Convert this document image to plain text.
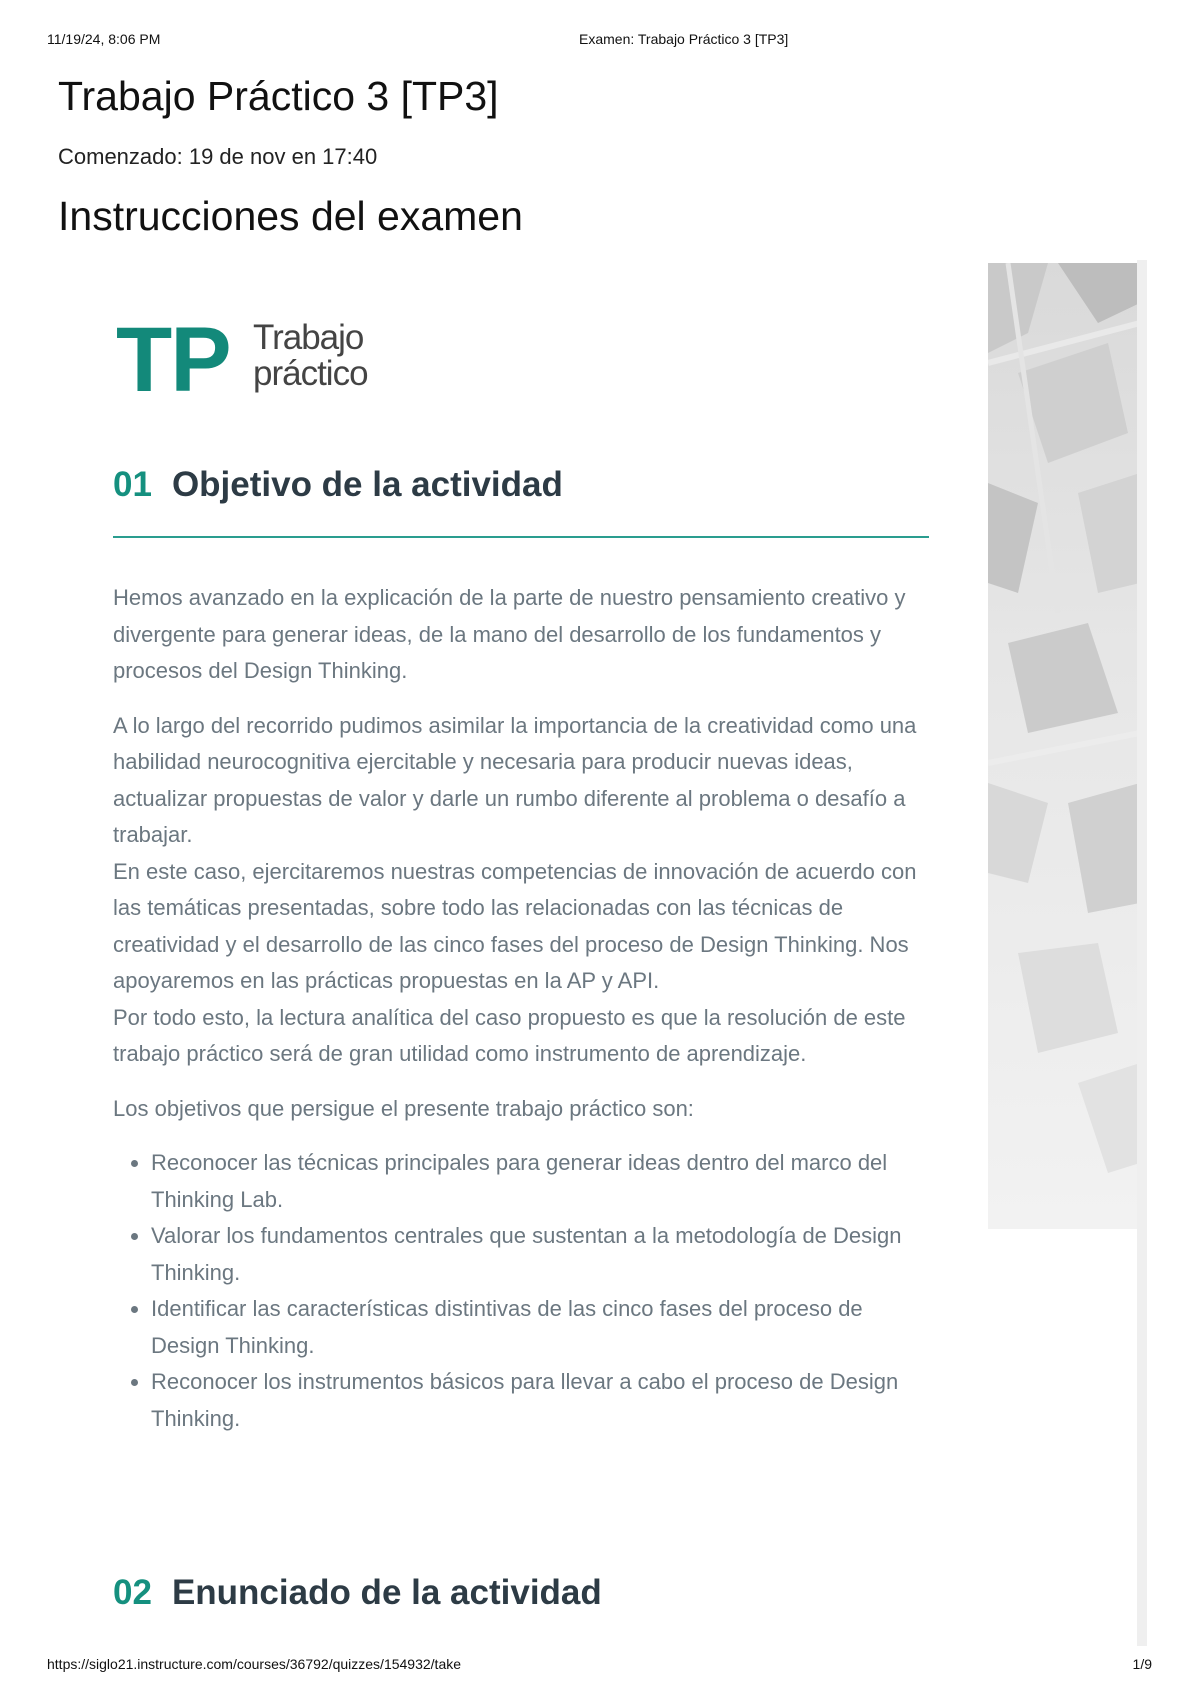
11/19/24, 8:06 PM	Examen: Trabajo Práctico 3 [TP3]
Trabajo Práctico 3 [TP3]
Comenzado: 19 de nov en 17:40
Instrucciones del examen
TP Trabajo
práctico
01 Objetivo de la actividad

Hemos avanzado en la explicación de la parte de nuestro pensamiento creativo y divergente para generar ideas, de la mano del desarrollo de los fundamentos y procesos del Design Thinking.

A lo largo del recorrido pudimos asimilar la importancia de la creatividad como una habilidad neurocognitiva ejercitable y necesaria para producir nuevas ideas, actualizar propuestas de valor y darle un rumbo diferente al problema o desafío a trabajar.

En este caso, ejercitaremos nuestras competencias de innovación de acuerdo con las temáticas presentadas, sobre todo las relacionadas con las técnicas de creatividad y el desarrollo de las cinco fases del proceso de Design Thinking. Nos apoyaremos en las prácticas propuestas en la AP y API.

Por todo esto, la lectura analítica del caso propuesto es que la resolución de este trabajo práctico será de gran utilidad como instrumento de aprendizaje.

Los objetivos que persigue el presente trabajo práctico son:

• Reconocer las técnicas principales para generar ideas dentro del marco del Thinking Lab.
• Valorar los fundamentos centrales que sustentan a la metodología de Design Thinking.
• Identificar las características distintivas de las cinco fases del proceso de Design Thinking.
• Reconocer los instrumentos básicos para llevar a cabo el proceso de Design Thinking.
02 Enunciado de la actividad
https://siglo21.instructure.com/courses/36792/quizzes/154932/take	1/9
